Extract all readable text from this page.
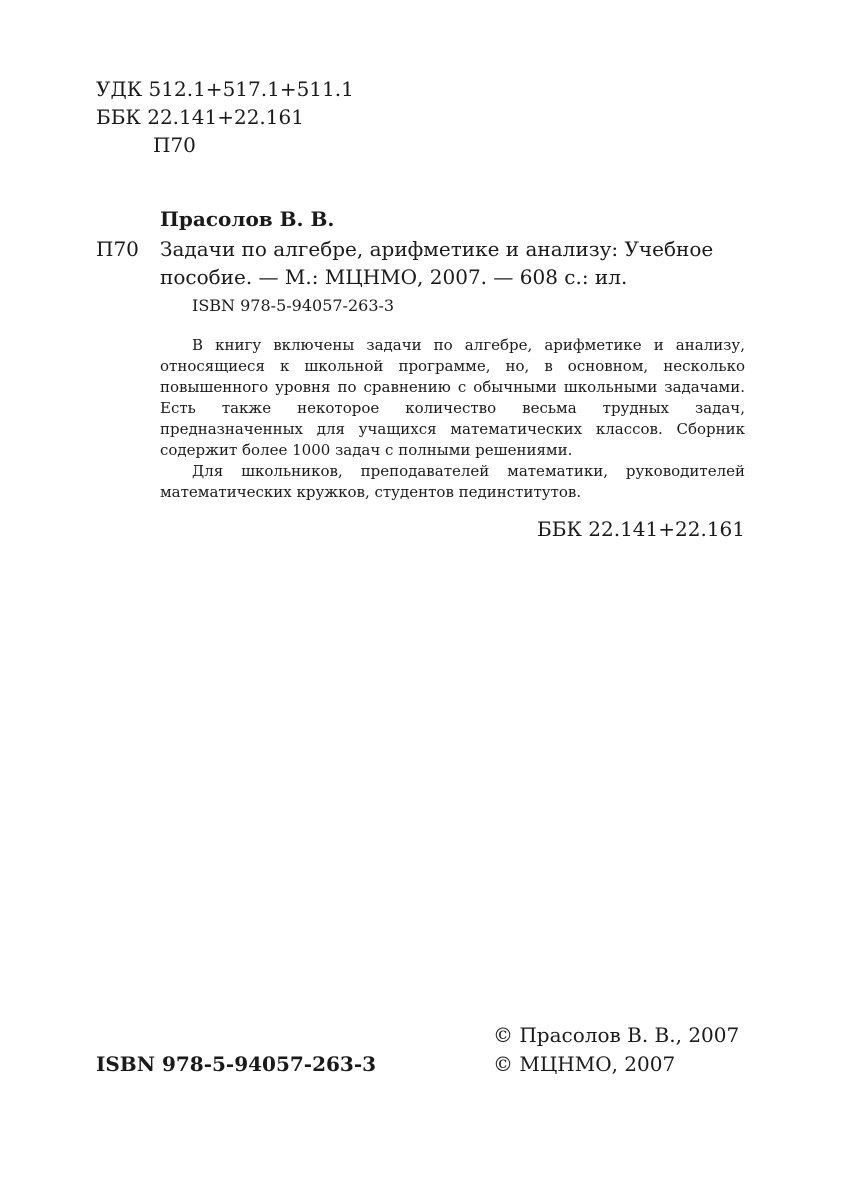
УДК 512.1+517.1+511.1
ББК 22.141+22.161
П70
Прасолов В. В.
П70 Задачи по алгебре, арифметике и анализу: Учебное
пособие. — М.: МЦНМО, 2007. — 608 с.: ил.
ISBN 978-5-94057-263-3

В книгу включены задачи по алгебре, арифметике и анализу, относящиеся к школьной программе, но, в основном, несколько повышенного уровня по сравнению с обычными школьными задачами. Есть также некоторое количество весьма трудных задач, предназначенных для учащихся математических классов. Сборник содержит более 1000 задач с полными решениями.

Для школьников, преподавателей математики, руководителей математических кружков, студентов пединститутов.

ББК 22.141+22.161
© Прасолов В. В., 2007
© МЦНМО, 2007
ISBN 978-5-94057-263-3
